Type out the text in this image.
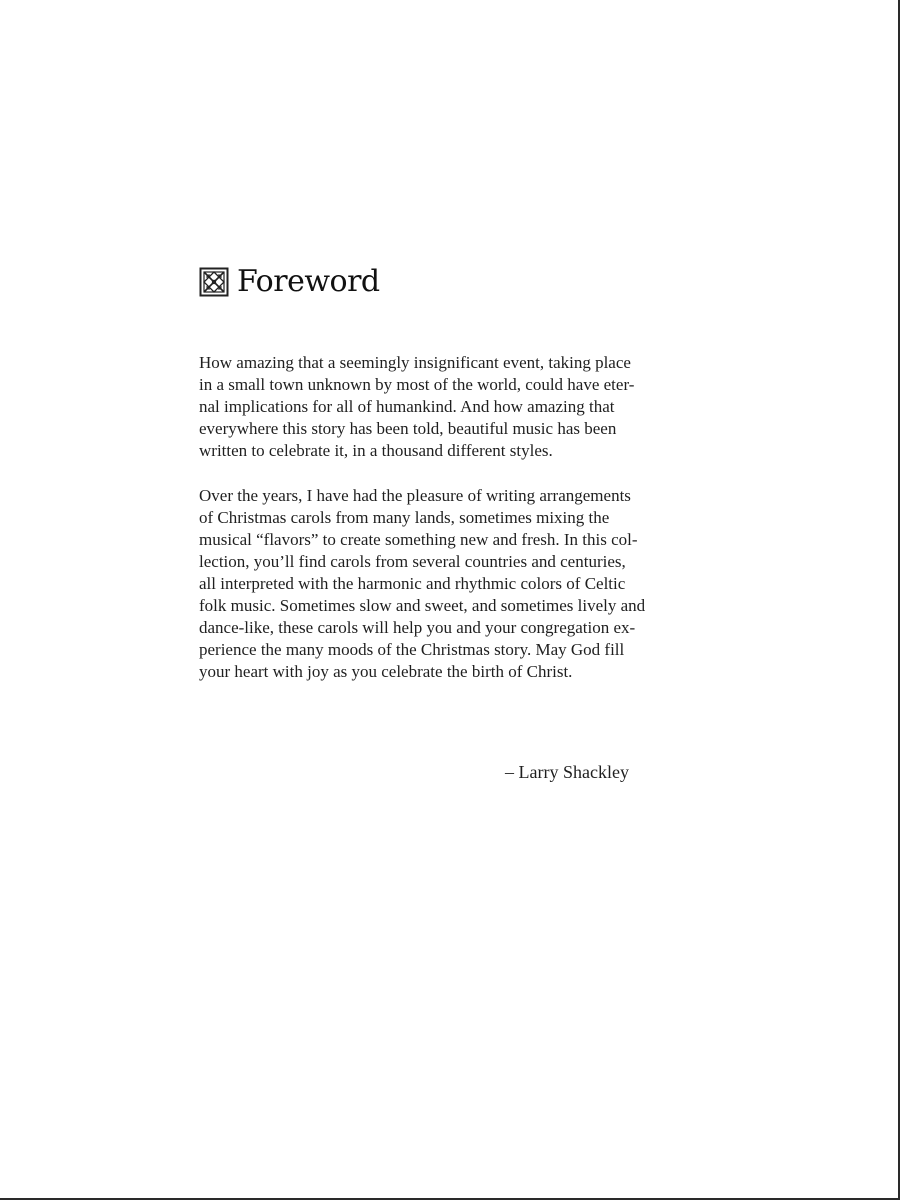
Foreword
How amazing that a seemingly insignificant event, taking place
in a small town unknown by most of the world, could have eter-
nal implications for all of humankind. And how amazing that
everywhere this story has been told, beautiful music has been
written to celebrate it, in a thousand different styles.
Over the years, I have had the pleasure of writing arrangements
of Christmas carols from many lands, sometimes mixing the
musical “flavors” to create something new and fresh. In this col-
lection, you’ll find carols from several countries and centuries,
all interpreted with the harmonic and rhythmic colors of Celtic
folk music. Sometimes slow and sweet, and sometimes lively and
dance-like, these carols will help you and your congregation ex-
perience the many moods of the Christmas story. May God fill
your heart with joy as you celebrate the birth of Christ.
– Larry Shackley
